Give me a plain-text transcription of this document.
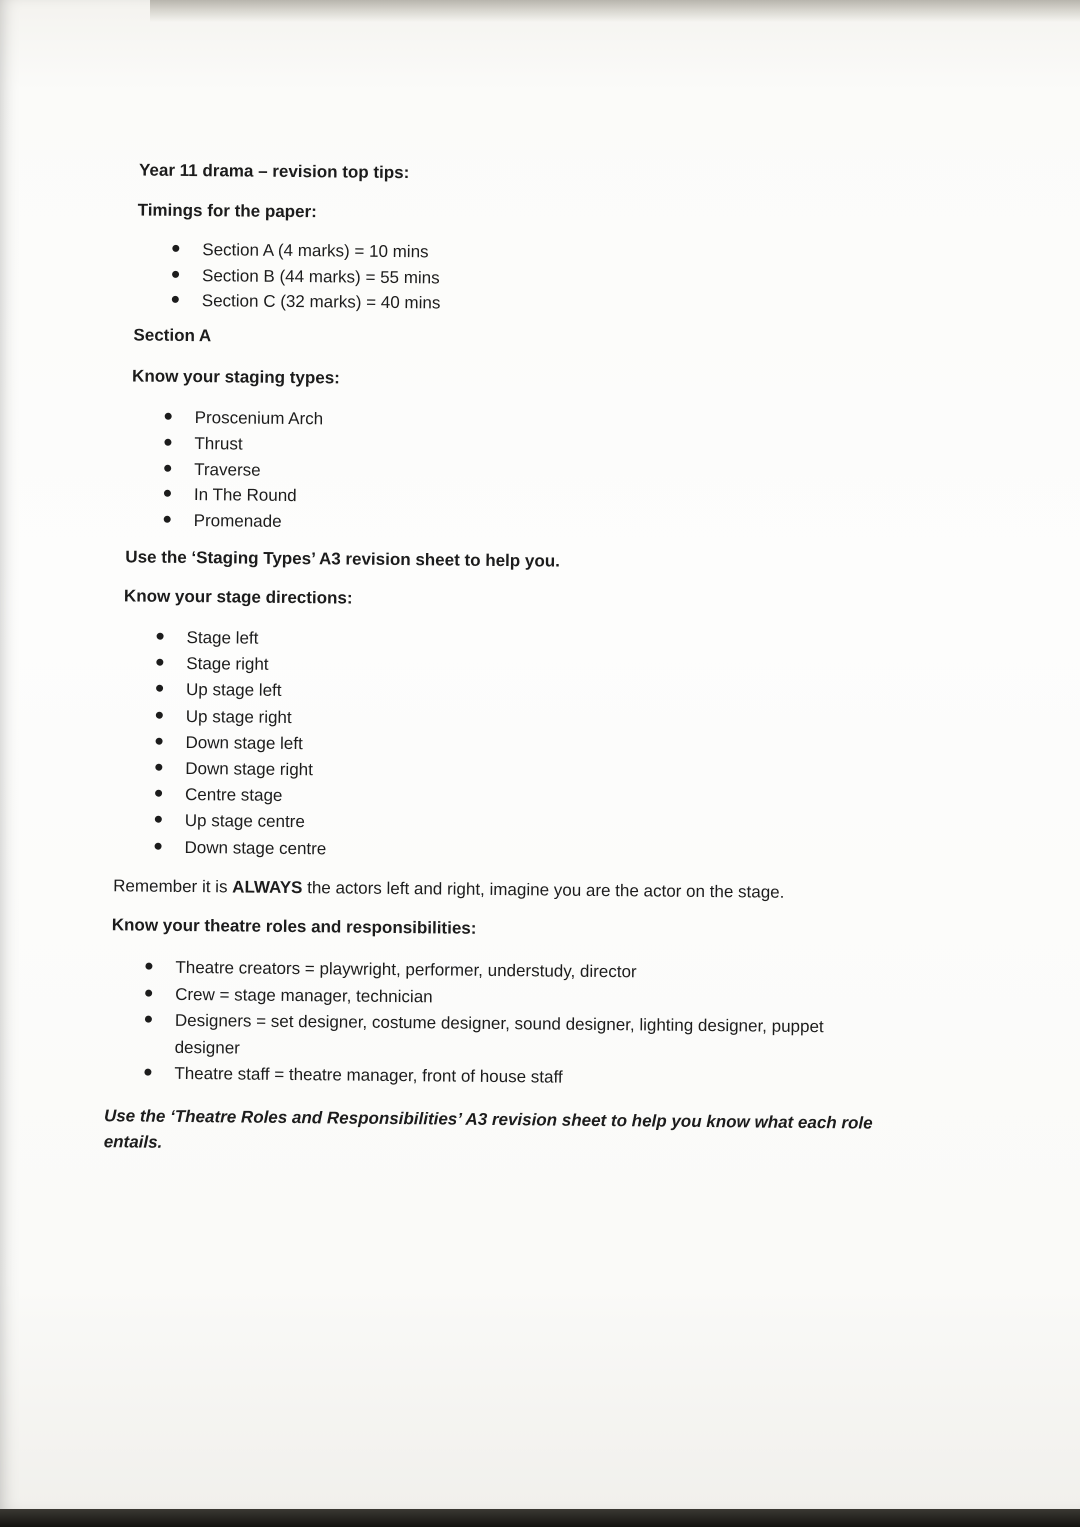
Year 11 drama – revision top tips:
Timings for the paper:
Section A (4 marks) = 10 mins
Section B (44 marks) = 55 mins
Section C (32 marks) = 40 mins
Section A
Know your staging types:
Proscenium Arch
Thrust
Traverse
In The Round
Promenade
Use the ‘Staging Types’ A3 revision sheet to help you.
Know your stage directions:
Stage left
Stage right
Up stage left
Up stage right
Down stage left
Down stage right
Centre stage
Up stage centre
Down stage centre
Remember it is ALWAYS the actors left and right, imagine you are the actor on the stage.
Know your theatre roles and responsibilities:
Theatre creators = playwright, performer, understudy, director
Crew = stage manager, technician
Designers = set designer, costume designer, sound designer, lighting designer, puppet designer
Theatre staff = theatre manager, front of house staff
Use the ‘Theatre Roles and Responsibilities’ A3 revision sheet to help you know what each role entails.
